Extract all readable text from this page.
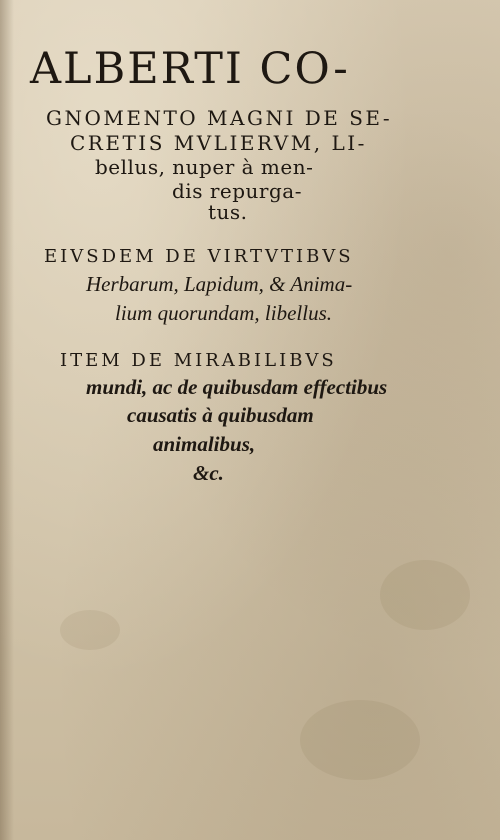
ALBERTI CO-
GNOMENTO MAGNI DE SE-
CRETIS MVLIERVM, LI-
bellus, nuper à men-
dis repurga-
tus.
EIVSDEM DE VIRTVTIBVS
Herbarum, Lapidum, & Anima-
lium quorundam, libellus.
ITEM DE MIRABILIBVS
mundi, ac de quibusdam effectibus
causatis à quibusdam
animalibus,
&c.
